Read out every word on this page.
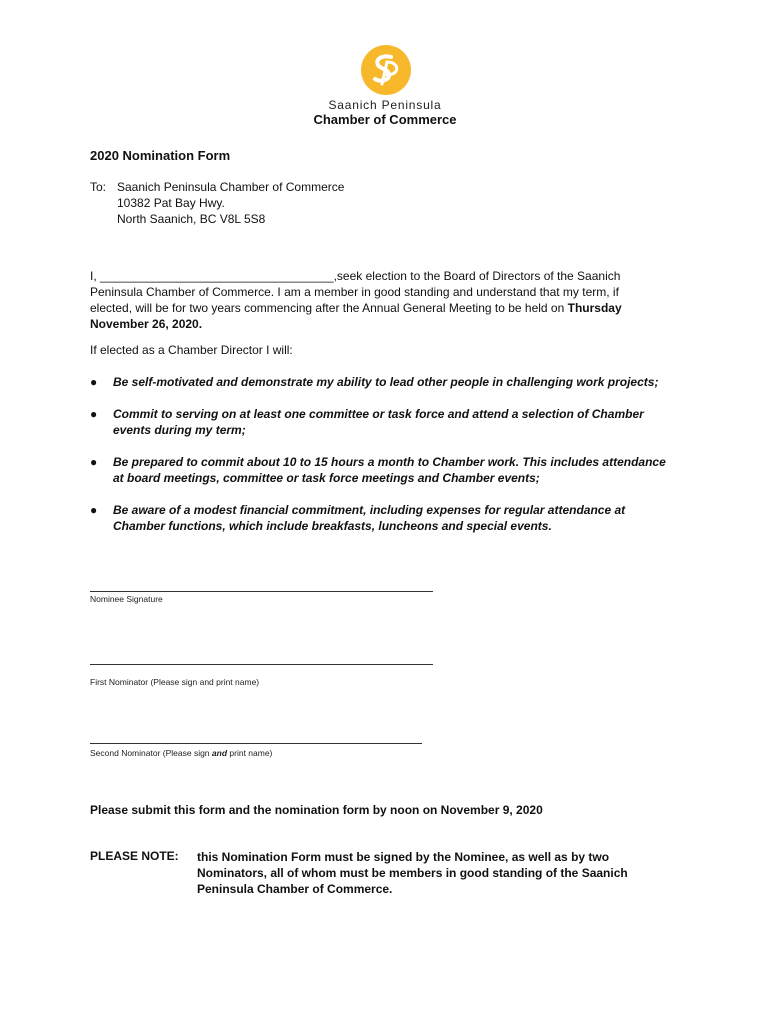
Saanich Peninsula
Chamber of Commerce
2020 Nomination Form
To: Saanich Peninsula Chamber of Commerce
10382 Pat Bay Hwy.
North Saanich, BC V8L 5S8
I, ___________________________________,seek election to the Board of Directors of the Saanich Peninsula Chamber of Commerce. I am a member in good standing and understand that my term, if elected, will be for two years commencing after the Annual General Meeting to be held on Thursday November 26, 2020.
If elected as a Chamber Director I will:
● Be self-motivated and demonstrate my ability to lead other people in challenging work projects;
● Commit to serving on at least one committee or task force and attend a selection of Chamber events during my term;
● Be prepared to commit about 10 to 15 hours a month to Chamber work. This includes attendance at board meetings, committee or task force meetings and Chamber events;
● Be aware of a modest financial commitment, including expenses for regular attendance at Chamber functions, which include breakfasts, luncheons and special events.
Nominee Signature
First Nominator (Please sign and print name)
Second Nominator (Please sign and print name)
Please submit this form and the nomination form by noon on November 9, 2020
PLEASE NOTE: this Nomination Form must be signed by the Nominee, as well as by two Nominators, all of whom must be members in good standing of the Saanich Peninsula Chamber of Commerce.
